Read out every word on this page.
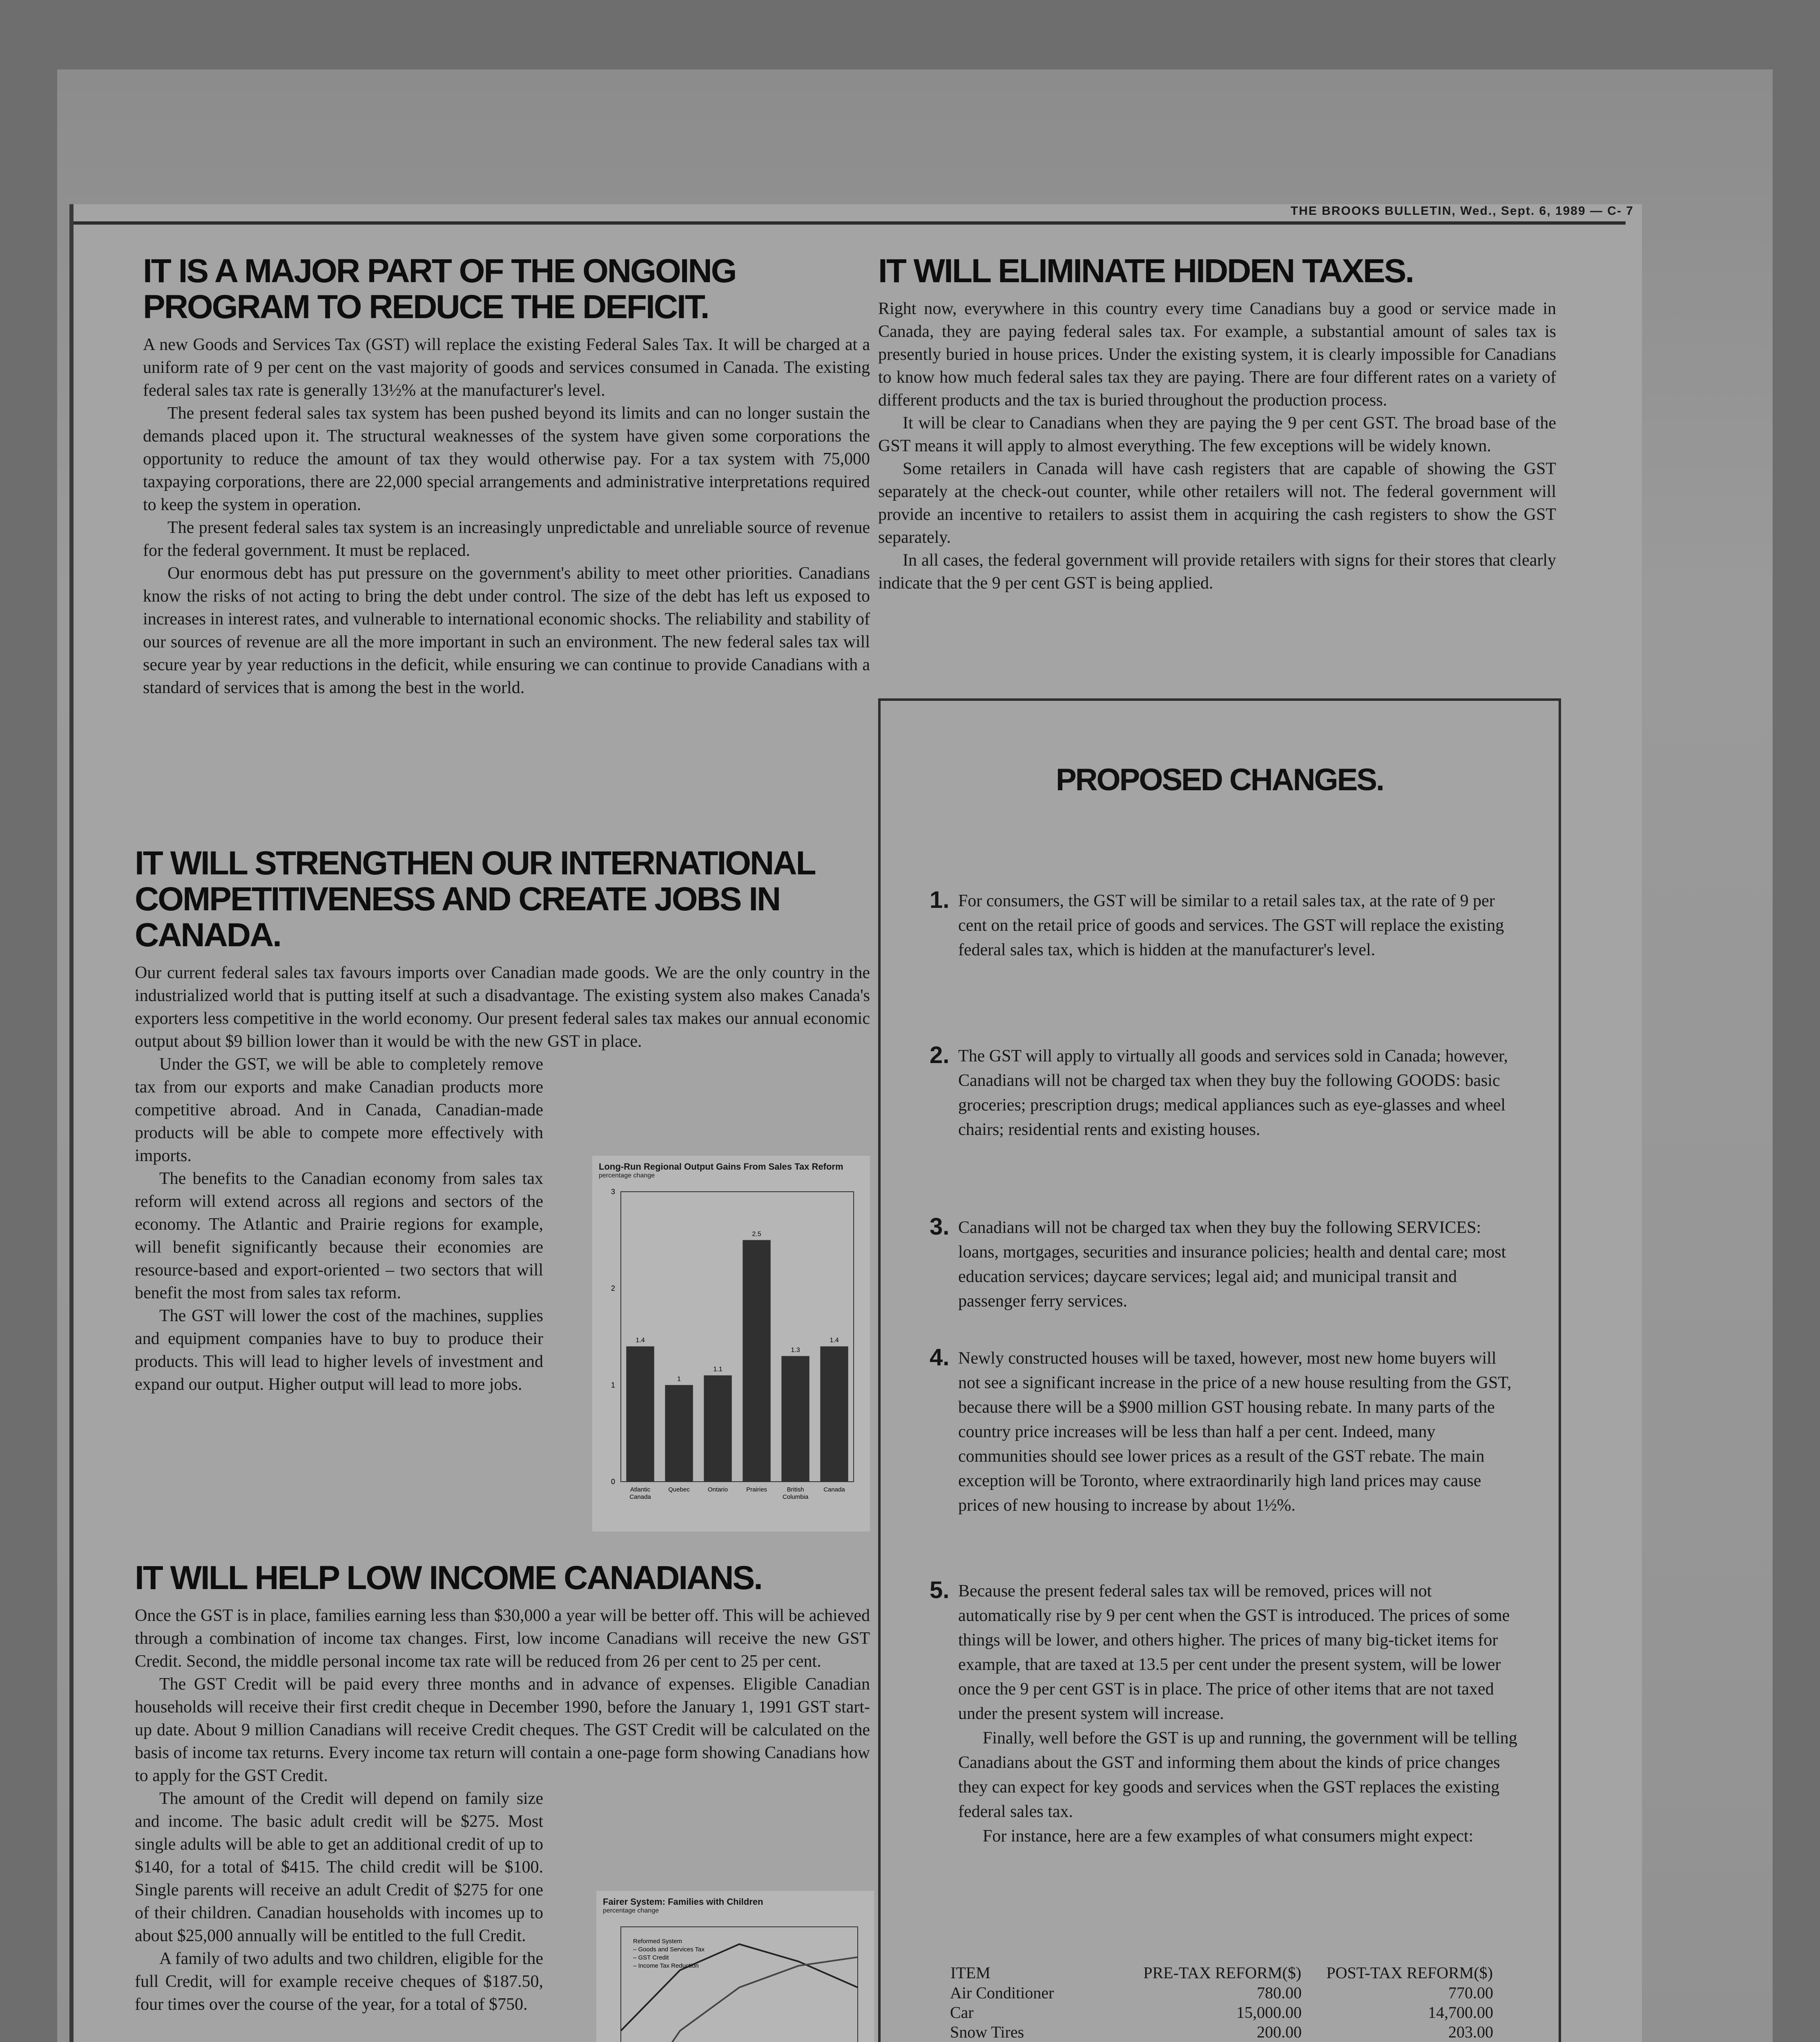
THE BROOKS BULLETIN, Wed., Sept. 6, 1989 — C- 7
IT IS A MAJOR PART OF THE ONGOING PROGRAM TO REDUCE THE DEFICIT.

A new Goods and Services Tax (GST) will replace the existing Federal Sales Tax. It will be charged at a uniform rate of 9 per cent on the vast majority of goods and services consumed in Canada. The existing federal sales tax rate is generally 13½% at the manufacturer's level.

The present federal sales tax system has been pushed beyond its limits and can no longer sustain the demands placed upon it. The structural weaknesses of the system have given some corporations the opportunity to reduce the amount of tax they would otherwise pay. For a tax system with 75,000 taxpaying corporations, there are 22,000 special arrangements and administrative interpretations required to keep the system in operation.

The present federal sales tax system is an increasingly unpredictable and unreliable source of revenue for the federal government. It must be replaced.

Our enormous debt has put pressure on the government's ability to meet other priorities. Canadians know the risks of not acting to bring the debt under control. The size of the debt has left us exposed to increases in interest rates, and vulnerable to international economic shocks. The reliability and stability of our sources of revenue are all the more important in such an environment. The new federal sales tax will secure year by year reductions in the deficit, while ensuring we can continue to provide Canadians with a standard of services that is among the best in the world.

IT WILL STRENGTHEN OUR INTERNATIONAL COMPETITIVENESS AND CREATE JOBS IN CANADA.

Our current federal sales tax favours imports over Canadian made goods. We are the only country in the industrialized world that is putting itself at such a disadvantage. The existing system also makes Canada's exporters less competitive in the world economy. Our present federal sales tax makes our annual economic output about $9 billion lower than it would be with the new GST in place.

Under the GST, we will be able to completely remove tax from our exports and make Canadian products more competitive abroad. And in Canada, Canadian-made products will be able to compete more effectively with imports.

The benefits to the Canadian economy from sales tax reform will extend across all regions and sectors of the economy. The Atlantic and Prairie regions for example, will benefit significantly because their economies are resource-based and export-oriented – two sectors that will benefit the most from sales tax reform.

The GST will lower the cost of the machines, supplies and equipment companies have to buy to produce their products. This will lead to higher levels of investment and expand our output. Higher output will lead to more jobs.

Long-Run Regional Output Gains From Sales Tax Reform
percentage change
0
1
2
3
1.4
Atlantic
Canada
1
Quebec
1.1
Ontario
2.5
Prairies
1.3
British
Columbia
1.4
Canada
IT WILL HELP LOW INCOME CANADIANS.

Once the GST is in place, families earning less than $30,000 a year will be better off. This will be achieved through a combination of income tax changes. First, low income Canadians will receive the new GST Credit. Second, the middle personal income tax rate will be reduced from 26 per cent to 25 per cent.

The GST Credit will be paid every three months and in advance of expenses. Eligible Canadian households will receive their first credit cheque in December 1990, before the January 1, 1991 GST start-up date. About 9 million Canadians will receive Credit cheques. The GST Credit will be calculated on the basis of income tax returns. Every income tax return will contain a one-page form showing Canadians how to apply for the GST Credit.

The amount of the Credit will depend on family size and income. The basic adult credit will be $275. Most single adults will be able to get an additional credit of up to $140, for a total of $415. The child credit will be $100. Single parents will receive an adult Credit of $275 for one of their children. Canadian households with incomes up to about $25,000 annually will be entitled to the full Credit.

A family of two adults and two children, eligible for the full Credit, will for example receive cheques of $187.50, four times over the course of the year, for a total of $750.

Fairer System: Families with Children
percentage change
Reformed System
– Goods and Services Tax
– GST Credit
– Income Tax Reduction
IT WILL ELIMINATE HIDDEN TAXES.

Right now, everywhere in this country every time Canadians buy a good or service made in Canada, they are paying federal sales tax. For example, a substantial amount of sales tax is presently buried in house prices. Under the existing system, it is clearly impossible for Canadians to know how much federal sales tax they are paying. There are four different rates on a variety of different products and the tax is buried throughout the production process.

It will be clear to Canadians when they are paying the 9 per cent GST. The broad base of the GST means it will apply to almost everything. The few exceptions will be widely known.

Some retailers in Canada will have cash registers that are capable of showing the GST separately at the check-out counter, while other retailers will not. The federal government will provide an incentive to retailers to assist them in acquiring the cash registers to show the GST separately.

In all cases, the federal government will provide retailers with signs for their stores that clearly indicate that the 9 per cent GST is being applied.

PROPOSED CHANGES.
1. For consumers, the GST will be similar to a retail sales tax, at the rate of 9 per cent on the retail price of goods and services. The GST will replace the existing federal sales tax, which is hidden at the manufacturer's level.
2. The GST will apply to virtually all goods and services sold in Canada; however, Canadians will not be charged tax when they buy the following GOODS: basic groceries; prescription drugs; medical appliances such as eye-glasses and wheel chairs; residential rents and existing houses.
3. Canadians will not be charged tax when they buy the following SERVICES: loans, mortgages, securities and insurance policies; health and dental care; most education services; daycare services; legal aid; and municipal transit and passenger ferry services.
4. Newly constructed houses will be taxed, however, most new home buyers will not see a significant increase in the price of a new house resulting from the GST, because there will be a $900 million GST housing rebate. In many parts of the country price increases will be less than half a per cent. Indeed, many communities should see lower prices as a result of the GST rebate. The main exception will be Toronto, where extraordinarily high land prices may cause prices of new housing to increase by about 1½%.
5. Because the present federal sales tax will be removed, prices will not automatically rise by 9 per cent when the GST is introduced. The prices of some things will be lower, and others higher. The prices of many big-ticket items for example, that are taxed at 13.5 per cent under the present system, will be lower once the 9 per cent GST is in place. The price of other items that are not taxed under the present system will increase.
Finally, well before the GST is up and running, the government will be telling Canadians about the GST and informing them about the kinds of price changes they can expect for key goods and services when the GST replaces the existing federal sales tax.
For instance, here are a few examples of what consumers might expect:
ITEM	PRE-TAX REFORM($)	POST-TAX REFORM($)
Air Conditioner	780.00	770.00
Car	15,000.00	14,700.00
Snow Tires	200.00	203.00
